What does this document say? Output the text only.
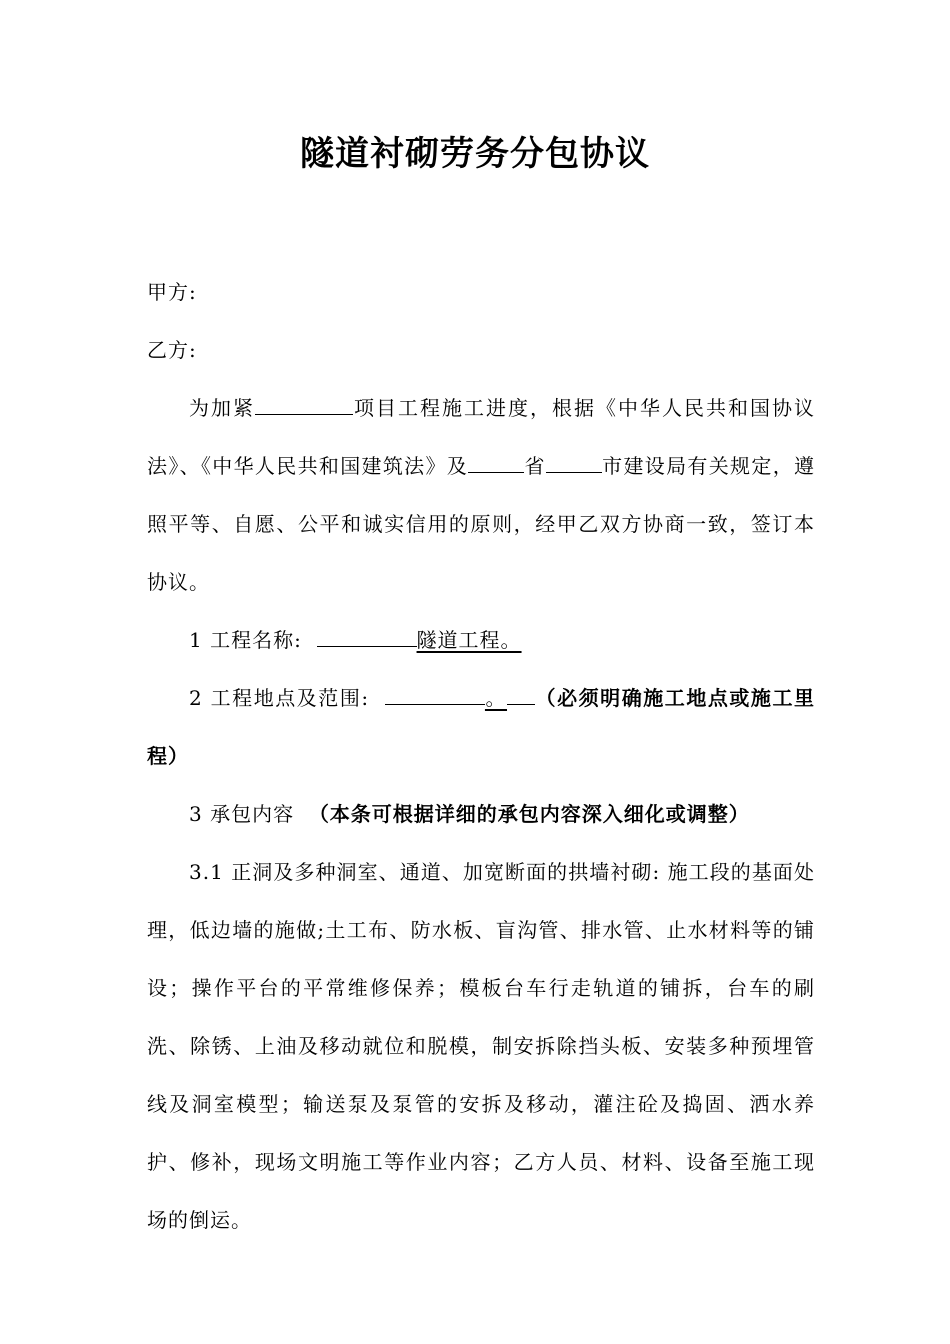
隧道衬砌劳务分包协议

甲方:

乙方:

为加紧	项目工程施工进度，根据《中华人民共和国协议法》、《中华人民共和国建筑法》及	省	市建设局有关规定，遵照平等、自愿、公平和诚实信用的原则，经甲乙双方协商一致，签订本协议。

1 工程名称:	隧道工程。

2 工程地点及范围:	。 （必须明确施工地点或施工里程）

3 承包内容 （本条可根据详细的承包内容深入细化或调整）

3.1 正洞及多种洞室、通道、加宽断面的拱墙衬砌: 施工段的基面处理，低边墙的施做;土工布、防水板、盲沟管、排水管、止水材料等的铺设；操作平台的平常维修保养；模板台车行走轨道的铺拆，台车的刷洗、除锈、上油及移动就位和脱模，制安拆除挡头板、安装多种预埋管线及洞室模型；输送泵及泵管的安拆及移动，灌注砼及捣固、洒水养护、修补，现场文明施工等作业内容；乙方人员、材料、设备至施工现场的倒运。
